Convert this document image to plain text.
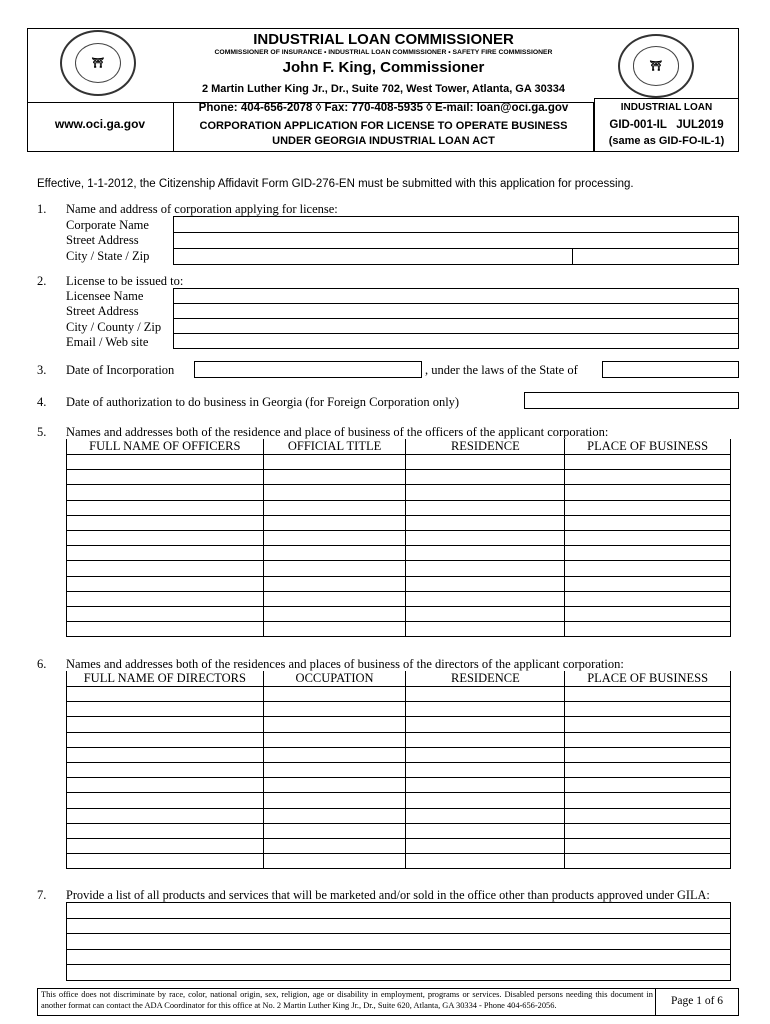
⛩	⛩
INDUSTRIAL LOAN COMMISSIONER
COMMISSIONER OF INSURANCE • INDUSTRIAL LOAN COMMISSIONER • SAFETY FIRE COMMISSIONER
John F. King, Commissioner
2 Martin Luther King Jr., Dr., Suite 702, West Tower, Atlanta, GA 30334
Phone: 404-656-2078 ◊ Fax: 770-408-5935 ◊ E-mail: loan@oci.ga.gov
www.oci.ga.gov	CORPORATION APPLICATION FOR LICENSE TO OPERATE BUSINESS
UNDER GEORGIA INDUSTRIAL LOAN ACT
INDUSTRIAL LOAN
GID-001-IL   JUL2019
(same as GID-FO-IL-1)
Effective, 1-1-2012, the Citizenship Affidavit Form GID-276-EN must be submitted with this application for processing.
1. Name and address of corporation applying for license:
Corporate Name
Street Address
City / State / Zip
2. License to be issued to:
Licensee Name
Street Address
City / County / Zip
Email / Web site
3. Date of Incorporation	, under the laws of the State of
4. Date of authorization to do business in Georgia (for Foreign Corporation only)
5. Names and addresses both of the residence and place of business of the officers of the applicant corporation:
FULL NAME OF OFFICERS	OFFICIAL TITLE	RESIDENCE	PLACE OF BUSINESS

6. Names and addresses both of the residences and places of business of the directors of the applicant corporation:
FULL NAME OF DIRECTORS	OCCUPATION	RESIDENCE	PLACE OF BUSINESS

7. Provide a list of all products and services that will be marketed and/or sold in the office other than products approved under GILA:

This office does not discriminate by race, color, national origin, sex, religion, age or disability in employment, programs or services. Disabled persons needing this document in another format can contact the ADA Coordinator for this office at No. 2 Martin Luther King Jr., Dr., Suite 620, Atlanta, GA 30334 - Phone 404-656-2056.	Page 1 of 6
